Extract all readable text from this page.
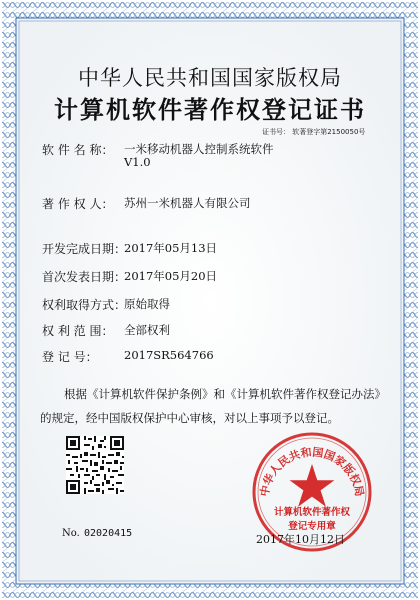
中华人民共和国国家版权局
计算机软件著作权登记证书
证书号： 软著登字第2150050号
软 件 名 称： 一米移动机器人控制系统软件
V1.0
著 作 权 人： 苏州一米机器人有限公司
开发完成日期：
2017年05月13日
首次发表日期：
2017年05月20日
权利取得方式：
原始取得
权 利 范 围： 全部权利
登 记 号： 2017SR564766
根据《计算机软件保护条例》和《计算机软件著作权登记办法》的规定，经中国版权保护中心审核，对以上事项予以登记。
No. 02020415
中华人民共和国国家版权局
计算机软件著作权
登记专用章
2017年10月12日
